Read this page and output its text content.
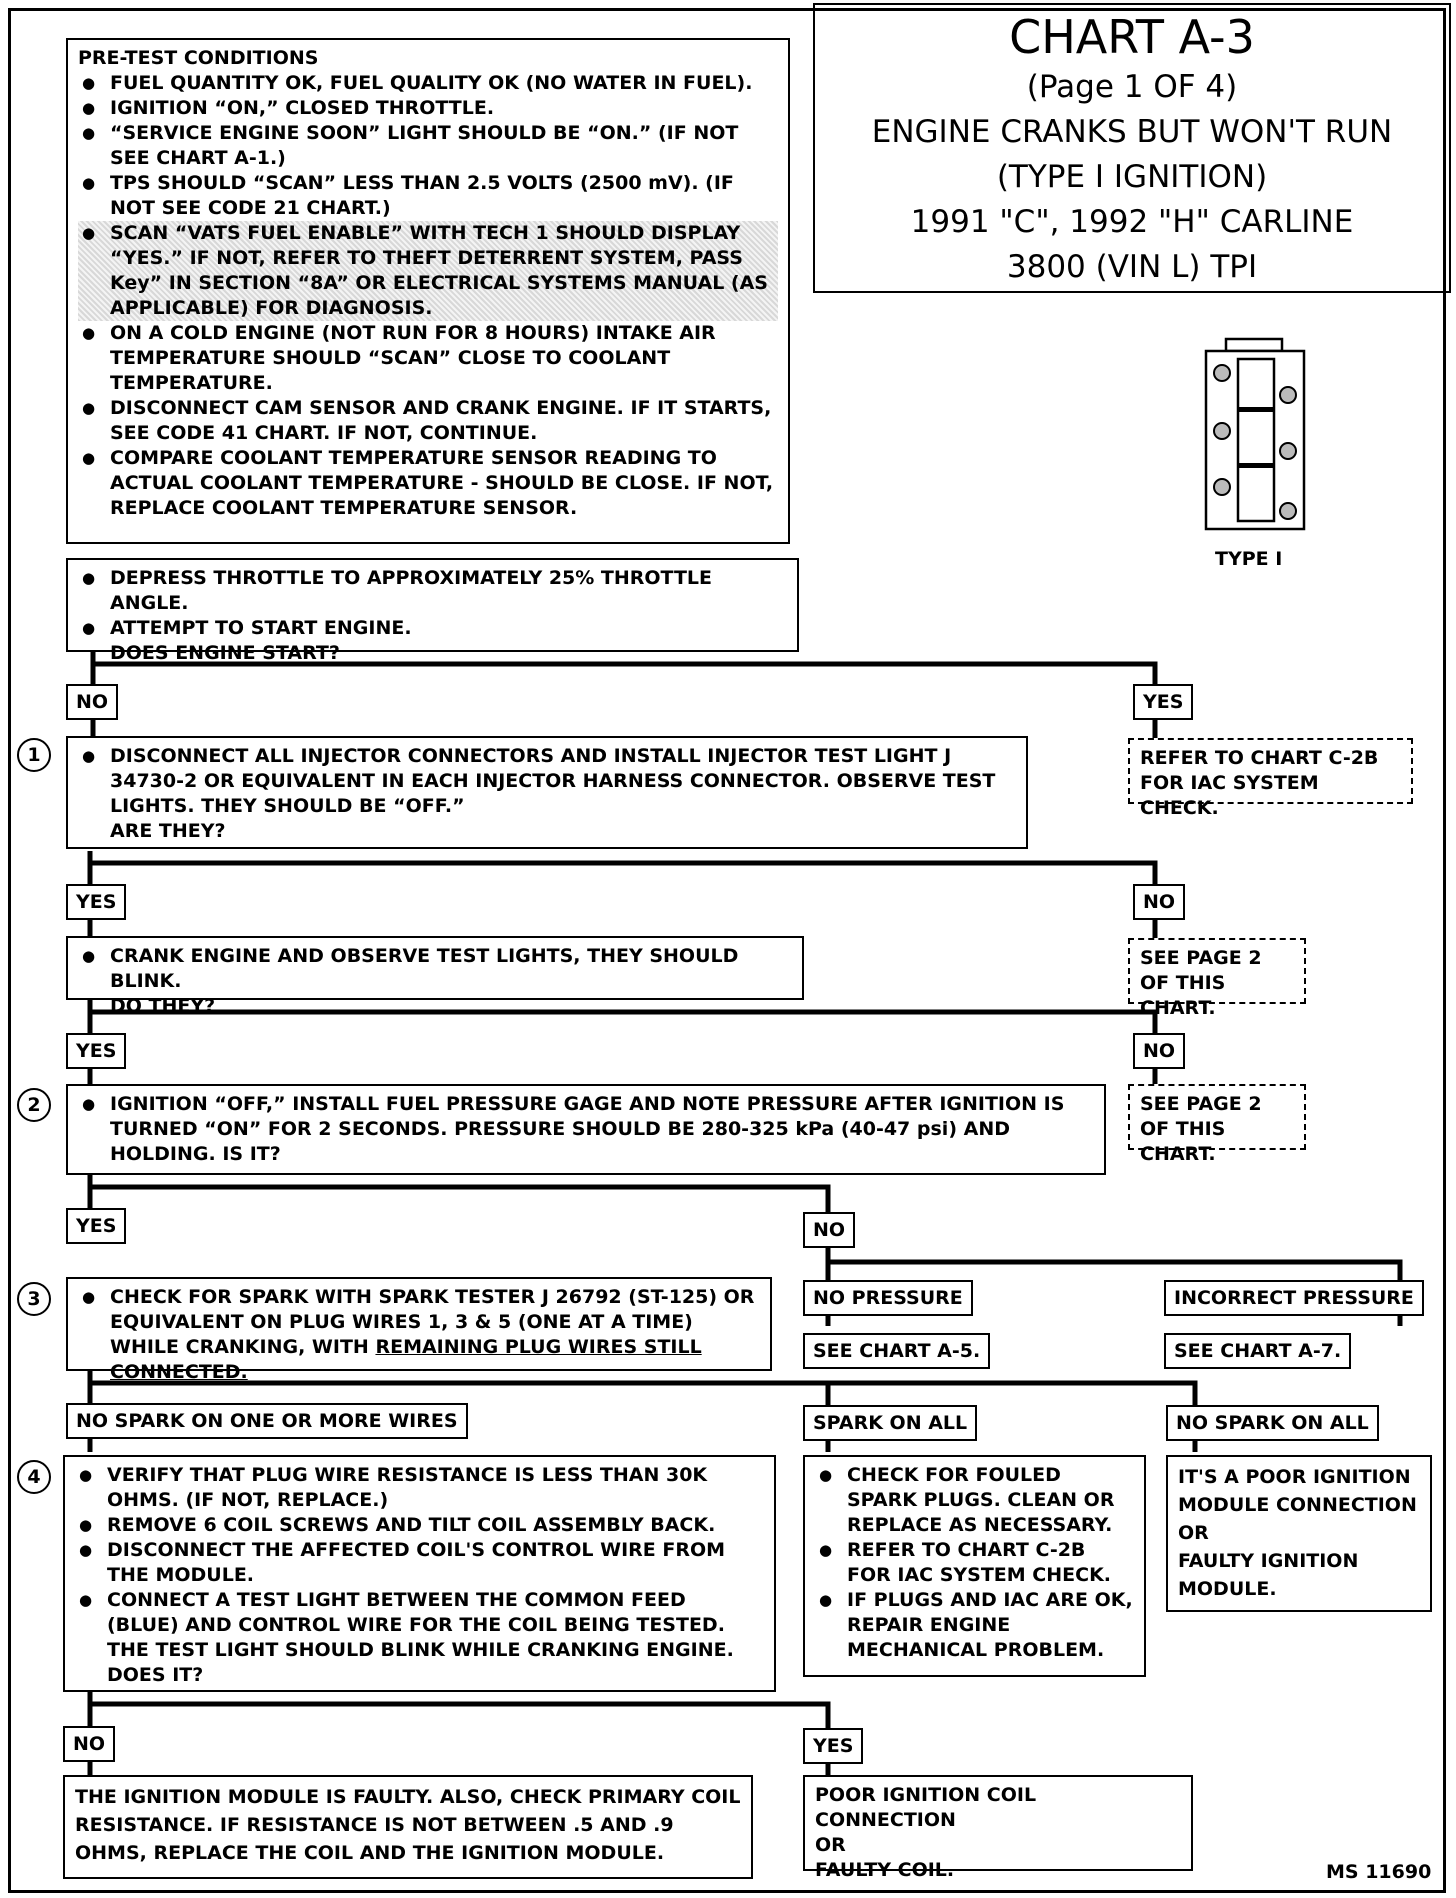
CHART A-3
(Page 1 OF 4)
ENGINE CRANKS BUT WON'T RUN
(TYPE I IGNITION)
1991 "C", 1992 "H" CARLINE
3800 (VIN L) TPI
PRE-TEST CONDITIONS
● FUEL QUANTITY OK, FUEL QUALITY OK (NO WATER IN FUEL).
● IGNITION “ON,” CLOSED THROTTLE.
● “SERVICE ENGINE SOON” LIGHT SHOULD BE “ON.” (IF NOT SEE CHART A-1.)
● TPS SHOULD “SCAN” LESS THAN 2.5 VOLTS (2500 mV). (IF NOT SEE CODE 21 CHART.)
● SCAN “VATS FUEL ENABLE” WITH TECH 1 SHOULD DISPLAY “YES.” IF NOT, REFER TO THEFT DETERRENT SYSTEM, PASS Key” IN SECTION “8A” OR ELECTRICAL SYSTEMS MANUAL (AS APPLICABLE) FOR DIAGNOSIS.
● ON A COLD ENGINE (NOT RUN FOR 8 HOURS) INTAKE AIR TEMPERATURE SHOULD “SCAN” CLOSE TO COOLANT TEMPERATURE.
● DISCONNECT CAM SENSOR AND CRANK ENGINE. IF IT STARTS, SEE CODE 41 CHART. IF NOT, CONTINUE.
● COMPARE COOLANT TEMPERATURE SENSOR READING TO ACTUAL COOLANT TEMPERATURE - SHOULD BE CLOSE. IF NOT, REPLACE COOLANT TEMPERATURE SENSOR.
TYPE I
● DEPRESS THROTTLE TO APPROXIMATELY 25% THROTTLE ANGLE.
● ATTEMPT TO START ENGINE.
DOES ENGINE START?
NO	YES
1	● DISCONNECT ALL INJECTOR CONNECTORS AND INSTALL INJECTOR TEST LIGHT J 34730-2 OR EQUIVALENT IN EACH INJECTOR HARNESS CONNECTOR. OBSERVE TEST LIGHTS. THEY SHOULD BE “OFF.”
ARE THEY?
REFER TO CHART C-2B FOR IAC SYSTEM CHECK.
YES	NO
● CRANK ENGINE AND OBSERVE TEST LIGHTS, THEY SHOULD BLINK.
DO THEY?
SEE PAGE 2 OF THIS CHART.
YES	NO
2	● IGNITION “OFF,” INSTALL FUEL PRESSURE GAGE AND NOTE PRESSURE AFTER IGNITION IS TURNED “ON” FOR 2 SECONDS. PRESSURE SHOULD BE 280-325 kPa (40-47 psi) AND HOLDING. IS IT?
SEE PAGE 2 OF THIS CHART.
YES	NO
3	● CHECK FOR SPARK WITH SPARK TESTER J 26792 (ST-125) OR EQUIVALENT ON PLUG WIRES 1, 3 & 5 (ONE AT A TIME) WHILE CRANKING, WITH REMAINING PLUG WIRES STILL CONNECTED.
NO PRESSURE	INCORRECT PRESSURE
SEE CHART A-5.	SEE CHART A-7.
NO SPARK ON ONE OR MORE WIRES	SPARK ON ALL	NO SPARK ON ALL
4	● VERIFY THAT PLUG WIRE RESISTANCE IS LESS THAN 30K OHMS. (IF NOT, REPLACE.)
● REMOVE 6 COIL SCREWS AND TILT COIL ASSEMBLY BACK.
● DISCONNECT THE AFFECTED COIL'S CONTROL WIRE FROM THE MODULE.
● CONNECT A TEST LIGHT BETWEEN THE COMMON FEED (BLUE) AND CONTROL WIRE FOR THE COIL BEING TESTED.
THE TEST LIGHT SHOULD BLINK WHILE CRANKING ENGINE.
DOES IT?
● CHECK FOR FOULED SPARK PLUGS. CLEAN OR REPLACE AS NECESSARY.
● REFER TO CHART C-2B FOR IAC SYSTEM CHECK.
● IF PLUGS AND IAC ARE OK, REPAIR ENGINE MECHANICAL PROBLEM.
IT'S A POOR IGNITION MODULE CONNECTION
OR
FAULTY IGNITION MODULE.
NO	YES
THE IGNITION MODULE IS FAULTY. ALSO, CHECK PRIMARY COIL RESISTANCE. IF RESISTANCE IS NOT BETWEEN .5 AND .9 OHMS, REPLACE THE COIL AND THE IGNITION MODULE.
POOR IGNITION COIL CONNECTION
OR
FAULTY COIL.	MS 11690
